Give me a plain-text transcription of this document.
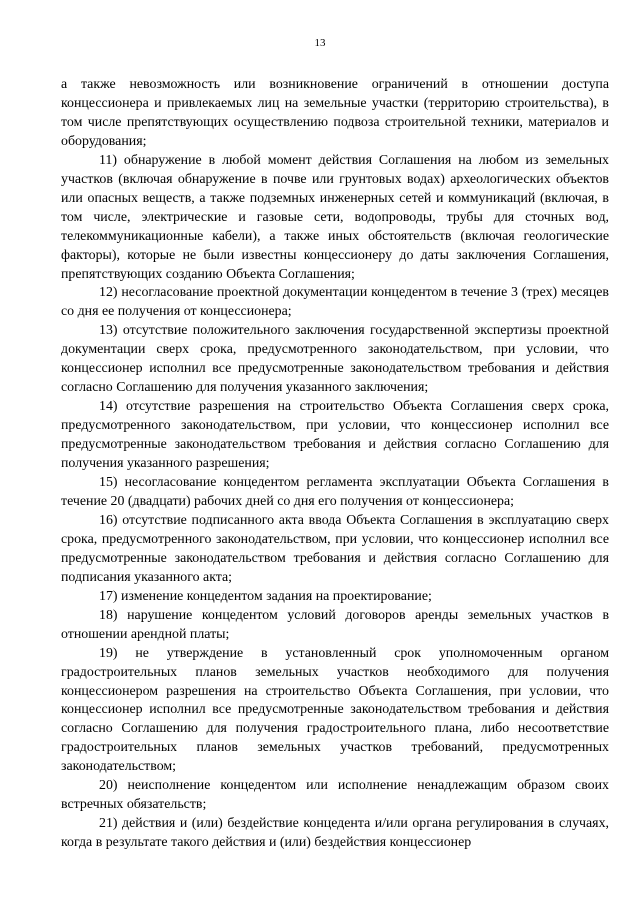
13

а также невозможность или возникновение ограничений в отношении доступа концессионера и привлекаемых лиц на земельные участки (территорию строительства), в том числе препятствующих осуществлению подвоза строительной техники, материалов и оборудования;

11) обнаружение в любой момент действия Соглашения на любом из земельных участков (включая обнаружение в почве или грунтовых водах) археологических объектов или опасных веществ, а также подземных инженерных сетей и коммуникаций (включая, в том числе, электрические и газовые сети, водопроводы, трубы для сточных вод, телекоммуникационные кабели), а также иных обстоятельств (включая геологические факторы), которые не были известны концессионеру до даты заключения Соглашения, препятствующих созданию Объекта Соглашения;

12) несогласование проектной документации концедентом в течение 3 (трех) месяцев со дня ее получения от концессионера;

13) отсутствие положительного заключения государственной экспертизы проектной документации сверх срока, предусмотренного законодательством, при условии, что концессионер исполнил все предусмотренные законодательством требования и действия согласно Соглашению для получения указанного заключения;

14) отсутствие разрешения на строительство Объекта Соглашения сверх срока, предусмотренного законодательством, при условии, что концессионер исполнил все предусмотренные законодательством требования и действия согласно Соглашению для получения указанного разрешения;

15) несогласование концедентом регламента эксплуатации Объекта Соглашения в течение 20 (двадцати) рабочих дней со дня его получения от концессионера;

16) отсутствие подписанного акта ввода Объекта Соглашения в эксплуатацию сверх срока, предусмотренного законодательством, при условии, что концессионер исполнил все предусмотренные законодательством требования и действия согласно Соглашению для подписания указанного акта;

17) изменение концедентом задания на проектирование;

18) нарушение концедентом условий договоров аренды земельных участков в отношении арендной платы;

19) не утверждение в установленный срок уполномоченным органом градостроительных планов земельных участков необходимого для получения концессионером разрешения на строительство Объекта Соглашения, при условии, что концессионер исполнил все предусмотренные законодательством требования и действия согласно Соглашению для получения градостроительного плана, либо несоответствие градостроительных планов земельных участков требований, предусмотренных законодательством;

20) неисполнение концедентом или исполнение ненадлежащим образом своих встречных обязательств;

21) действия и (или) бездействие концедента и/или органа регулирования в случаях, когда в результате такого действия и (или) бездействия концессионер
